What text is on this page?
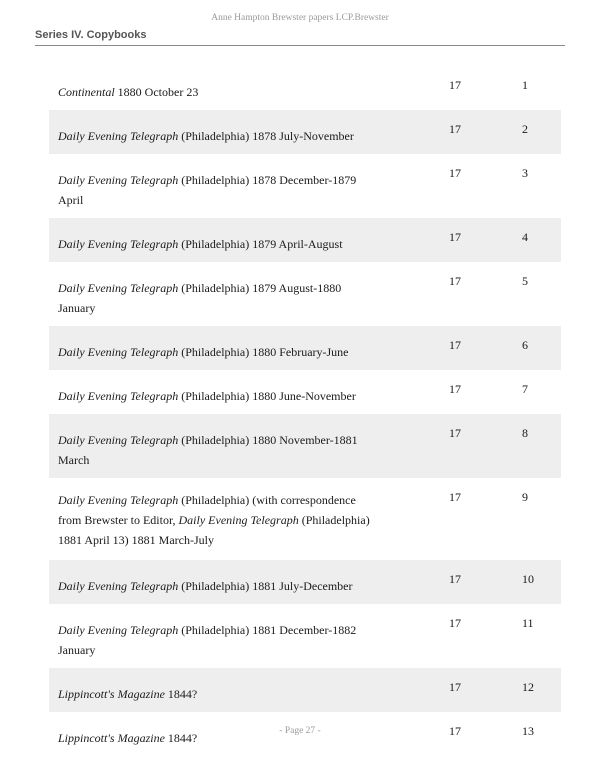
Anne Hampton Brewster papers LCP.Brewster
Series IV. Copybooks
Continental 1880 October 23	17	1
Daily Evening Telegraph (Philadelphia) 1878 July-November	17	2
Daily Evening Telegraph (Philadelphia) 1878 December-1879 April
17	3
Daily Evening Telegraph (Philadelphia) 1879 April-August	17	4
Daily Evening Telegraph (Philadelphia) 1879 August-1880 January
17	5
Daily Evening Telegraph (Philadelphia) 1880 February-June	17	6
Daily Evening Telegraph (Philadelphia) 1880 June-November	17	7
Daily Evening Telegraph (Philadelphia) 1880 November-1881 March
17	8
Daily Evening Telegraph (Philadelphia) (with correspondence from Brewster to Editor, Daily Evening Telegraph (Philadelphia) 1881 April 13) 1881 March-July
17	9
Daily Evening Telegraph (Philadelphia) 1881 July-December	17	10
Daily Evening Telegraph (Philadelphia) 1881 December-1882 January
17	11
Lippincott's Magazine 1844?	17	12
Lippincott's Magazine 1844?	17	13
- Page 27 -
